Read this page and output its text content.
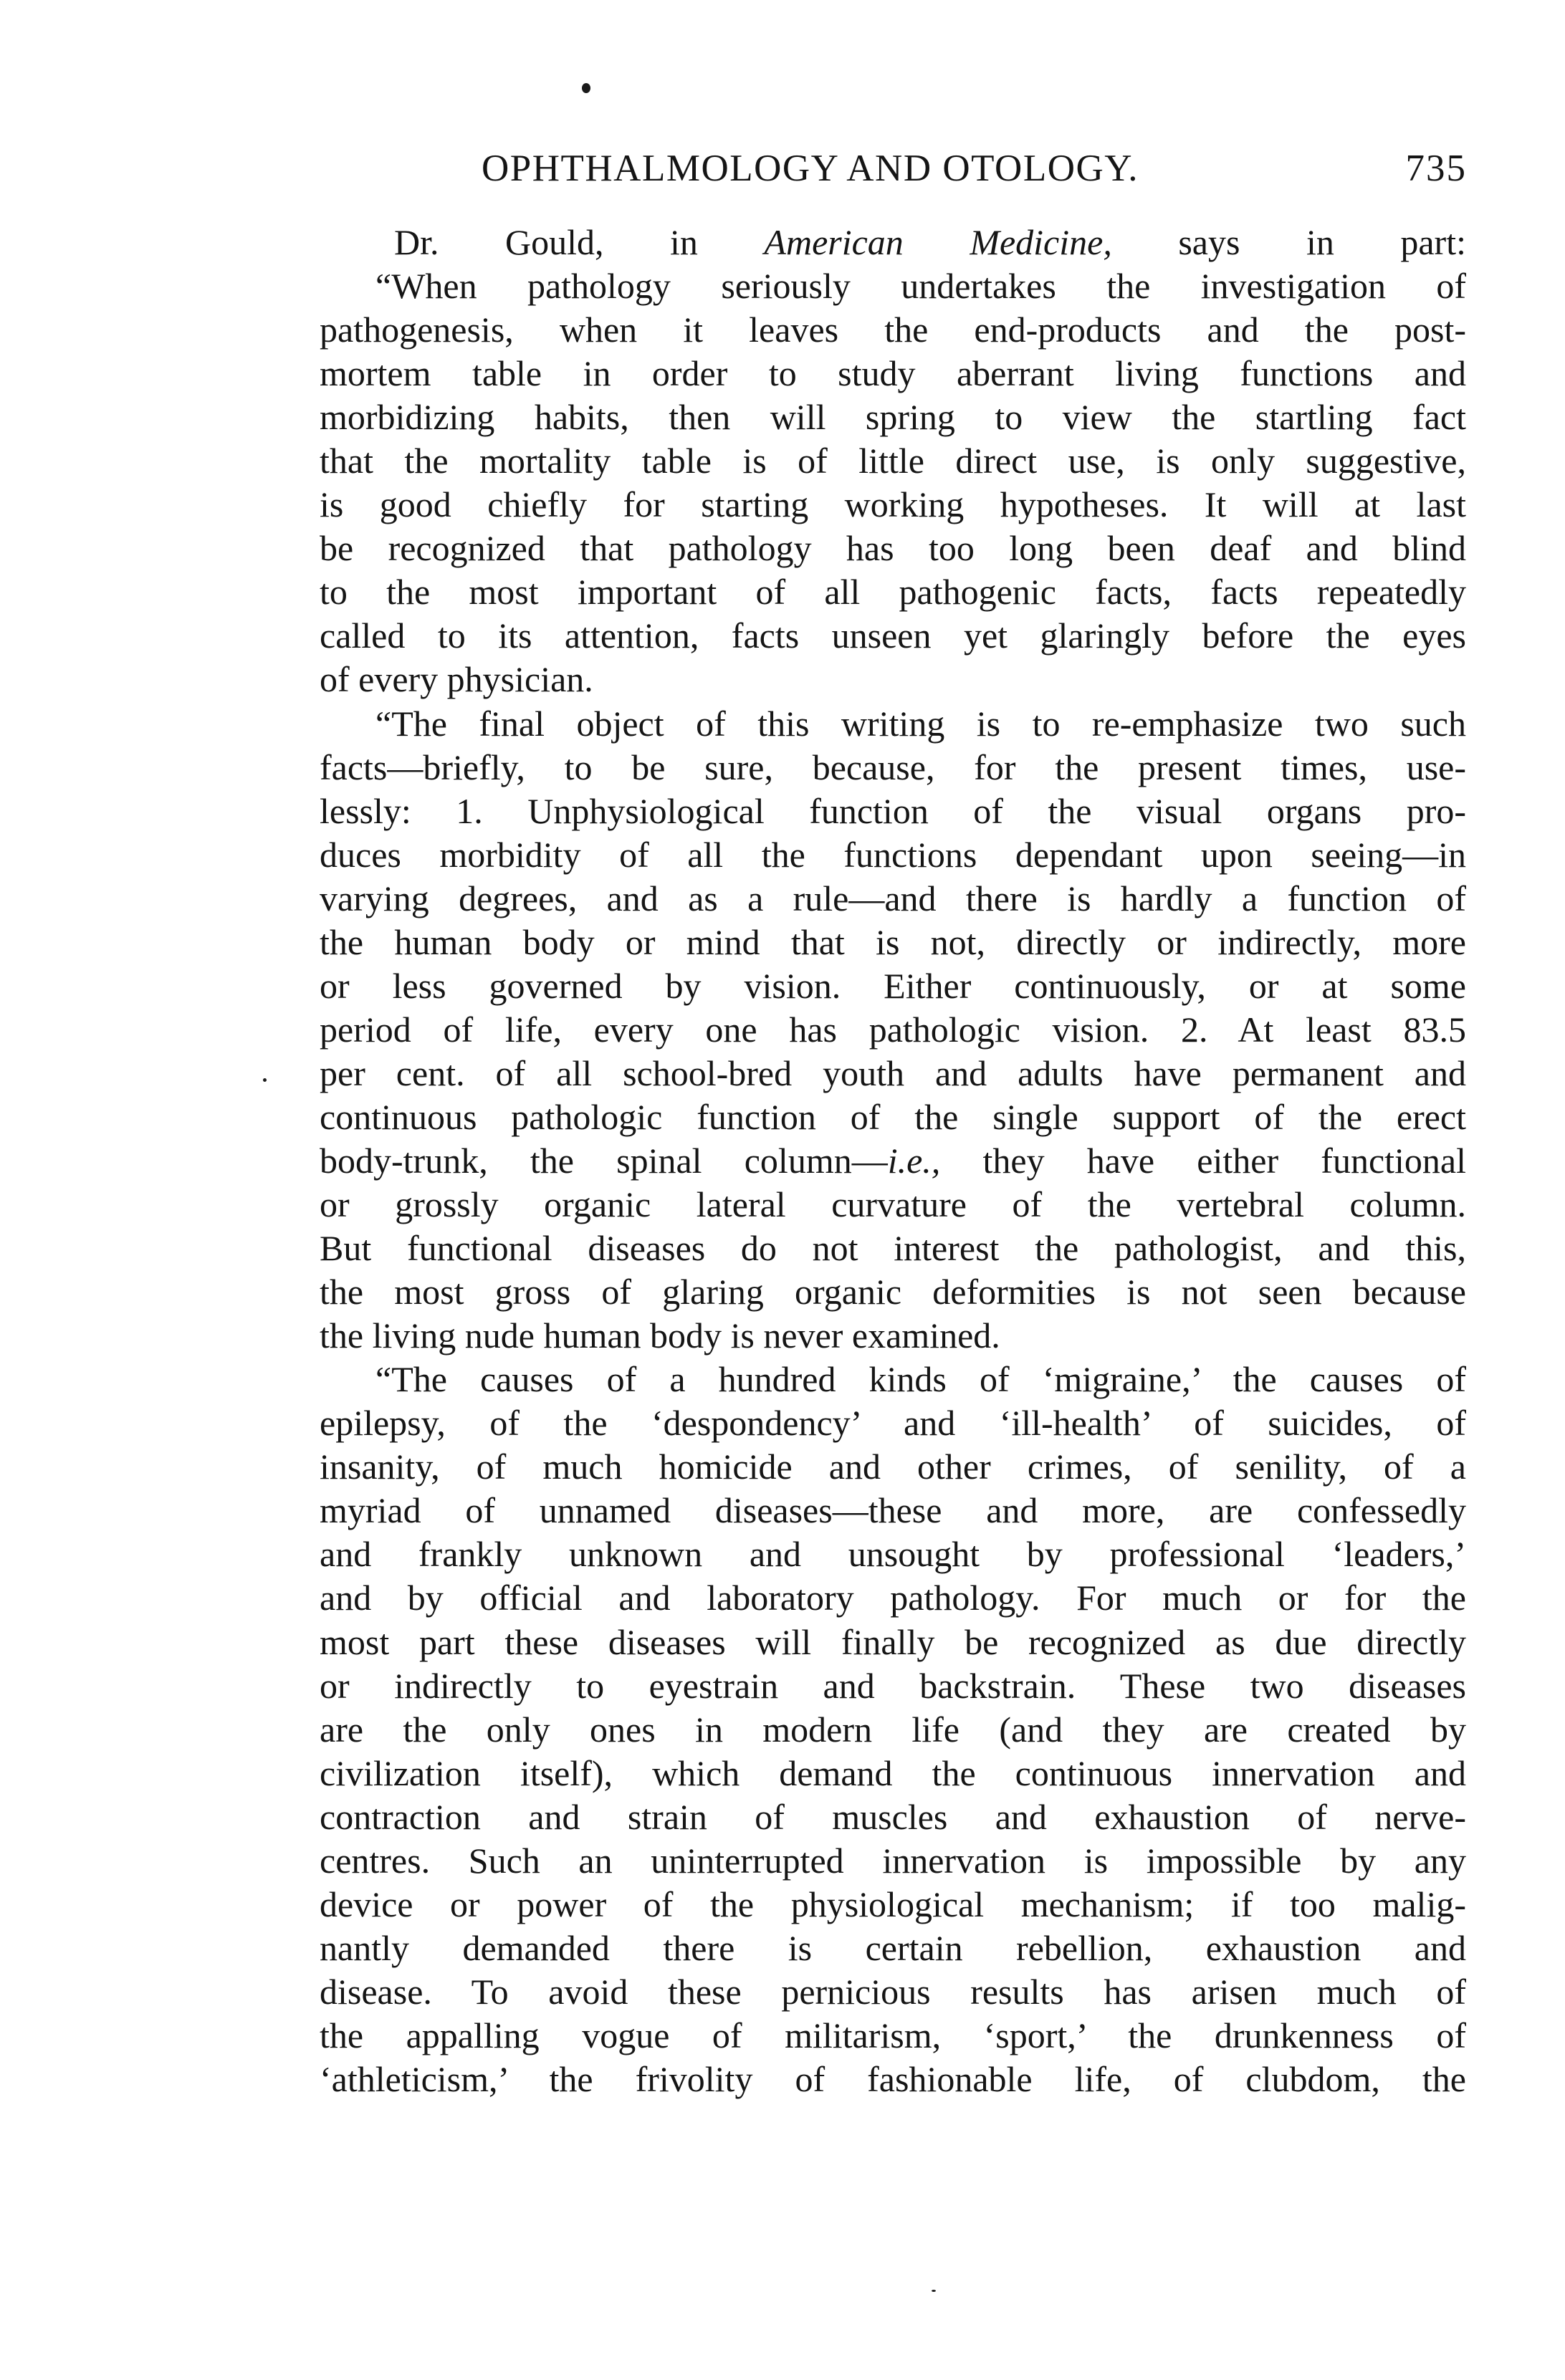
OPHTHALMOLOGY AND OTOLOGY.	735
Dr. Gould, in American Medicine, says in part:
“When pathology seriously undertakes the investigation of
pathogenesis, when it leaves the end-products and the post-
mortem table in order to study aberrant living functions and
morbidizing habits, then will spring to view the startling fact
that the mortality table is of little direct use, is only suggestive,
is good chiefly for starting working hypotheses. It will at last
be recognized that pathology has too long been deaf and blind
to the most important of all pathogenic facts, facts repeatedly
called to its attention, facts unseen yet glaringly before the eyes
of every physician.
“The final object of this writing is to re-emphasize two such
facts—briefly, to be sure, because, for the present times, use-
lessly: 1. Unphysiological function of the visual organs pro-
duces morbidity of all the functions dependant upon seeing—in
varying degrees, and as a rule—and there is hardly a function of
the human body or mind that is not, directly or indirectly, more
or less governed by vision. Either continuously, or at some
period of life, every one has pathologic vision. 2. At least 83.5
per cent. of all school-bred youth and adults have permanent and
continuous pathologic function of the single support of the erect
body-trunk, the spinal column—i.e., they have either functional
or grossly organic lateral curvature of the vertebral column.
But functional diseases do not interest the pathologist, and this,
the most gross of glaring organic deformities is not seen because
the living nude human body is never examined.
“The causes of a hundred kinds of ‘migraine,’ the causes of
epilepsy, of the ‘despondency’ and ‘ill-health’ of suicides, of
insanity, of much homicide and other crimes, of senility, of a
myriad of unnamed diseases—these and more, are confessedly
and frankly unknown and unsought by professional ‘leaders,’
and by official and laboratory pathology. For much or for the
most part these diseases will finally be recognized as due directly
or indirectly to eyestrain and backstrain. These two diseases
are the only ones in modern life (and they are created by
civilization itself), which demand the continuous innervation and
contraction and strain of muscles and exhaustion of nerve-
centres. Such an uninterrupted innervation is impossible by any
device or power of the physiological mechanism; if too malig-
nantly demanded there is certain rebellion, exhaustion and
disease. To avoid these pernicious results has arisen much of
the appalling vogue of militarism, ‘sport,’ the drunkenness of
‘athleticism,’ the frivolity of fashionable life, of clubdom, the
